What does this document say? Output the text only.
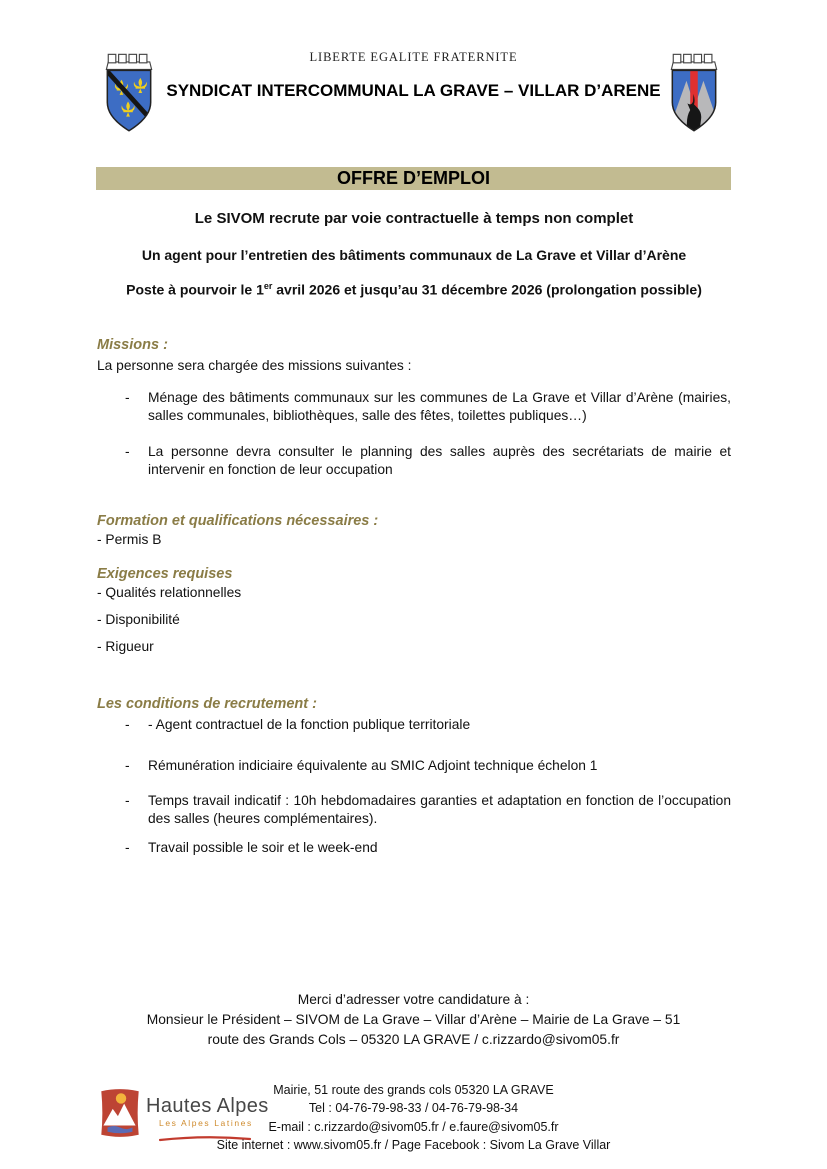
LIBERTE EGALITE FRATERNITE
SYNDICAT INTERCOMMUNAL LA GRAVE – VILLAR D’ARENE
OFFRE D’EMPLOI
Le SIVOM recrute par voie contractuelle à temps non complet
Un agent pour l’entretien des bâtiments communaux de La Grave et Villar d’Arène
Poste à pourvoir le 1er avril 2026 et jusqu’au 31 décembre 2026 (prolongation possible)
Missions :
La personne sera chargée des missions suivantes :
-	Ménage des bâtiments communaux sur les communes de La Grave et Villar d’Arène (mairies, salles communales, bibliothèques, salle des fêtes, toilettes publiques…)
-	La personne devra consulter le planning des salles auprès des secrétariats de mairie et intervenir en fonction de leur occupation
Formation et qualifications nécessaires :
- Permis B
Exigences requises
- Qualités relationnelles
- Disponibilité
- Rigueur
Les conditions de recrutement :
-	- Agent contractuel de la fonction publique territoriale
-	Rémunération indiciaire équivalente au SMIC Adjoint technique échelon 1
-	Temps travail indicatif : 10h hebdomadaires garanties et adaptation en fonction de l’occupation des salles (heures complémentaires).
-	Travail possible le soir et le week-end
Merci d’adresser votre candidature à :
Monsieur le Président – SIVOM de La Grave – Villar d’Arène – Mairie de La Grave – 51
route des Grands Cols – 05320 LA GRAVE / c.rizzardo@sivom05.fr
Hautes Alpes
Les Alpes Latines
Mairie, 51 route des grands cols 05320 LA GRAVE
Tel : 04-76-79-98-33 / 04-76-79-98-34
E-mail : c.rizzardo@sivom05.fr / e.faure@sivom05.fr
Site internet : www.sivom05.fr / Page Facebook : Sivom La Grave Villar
